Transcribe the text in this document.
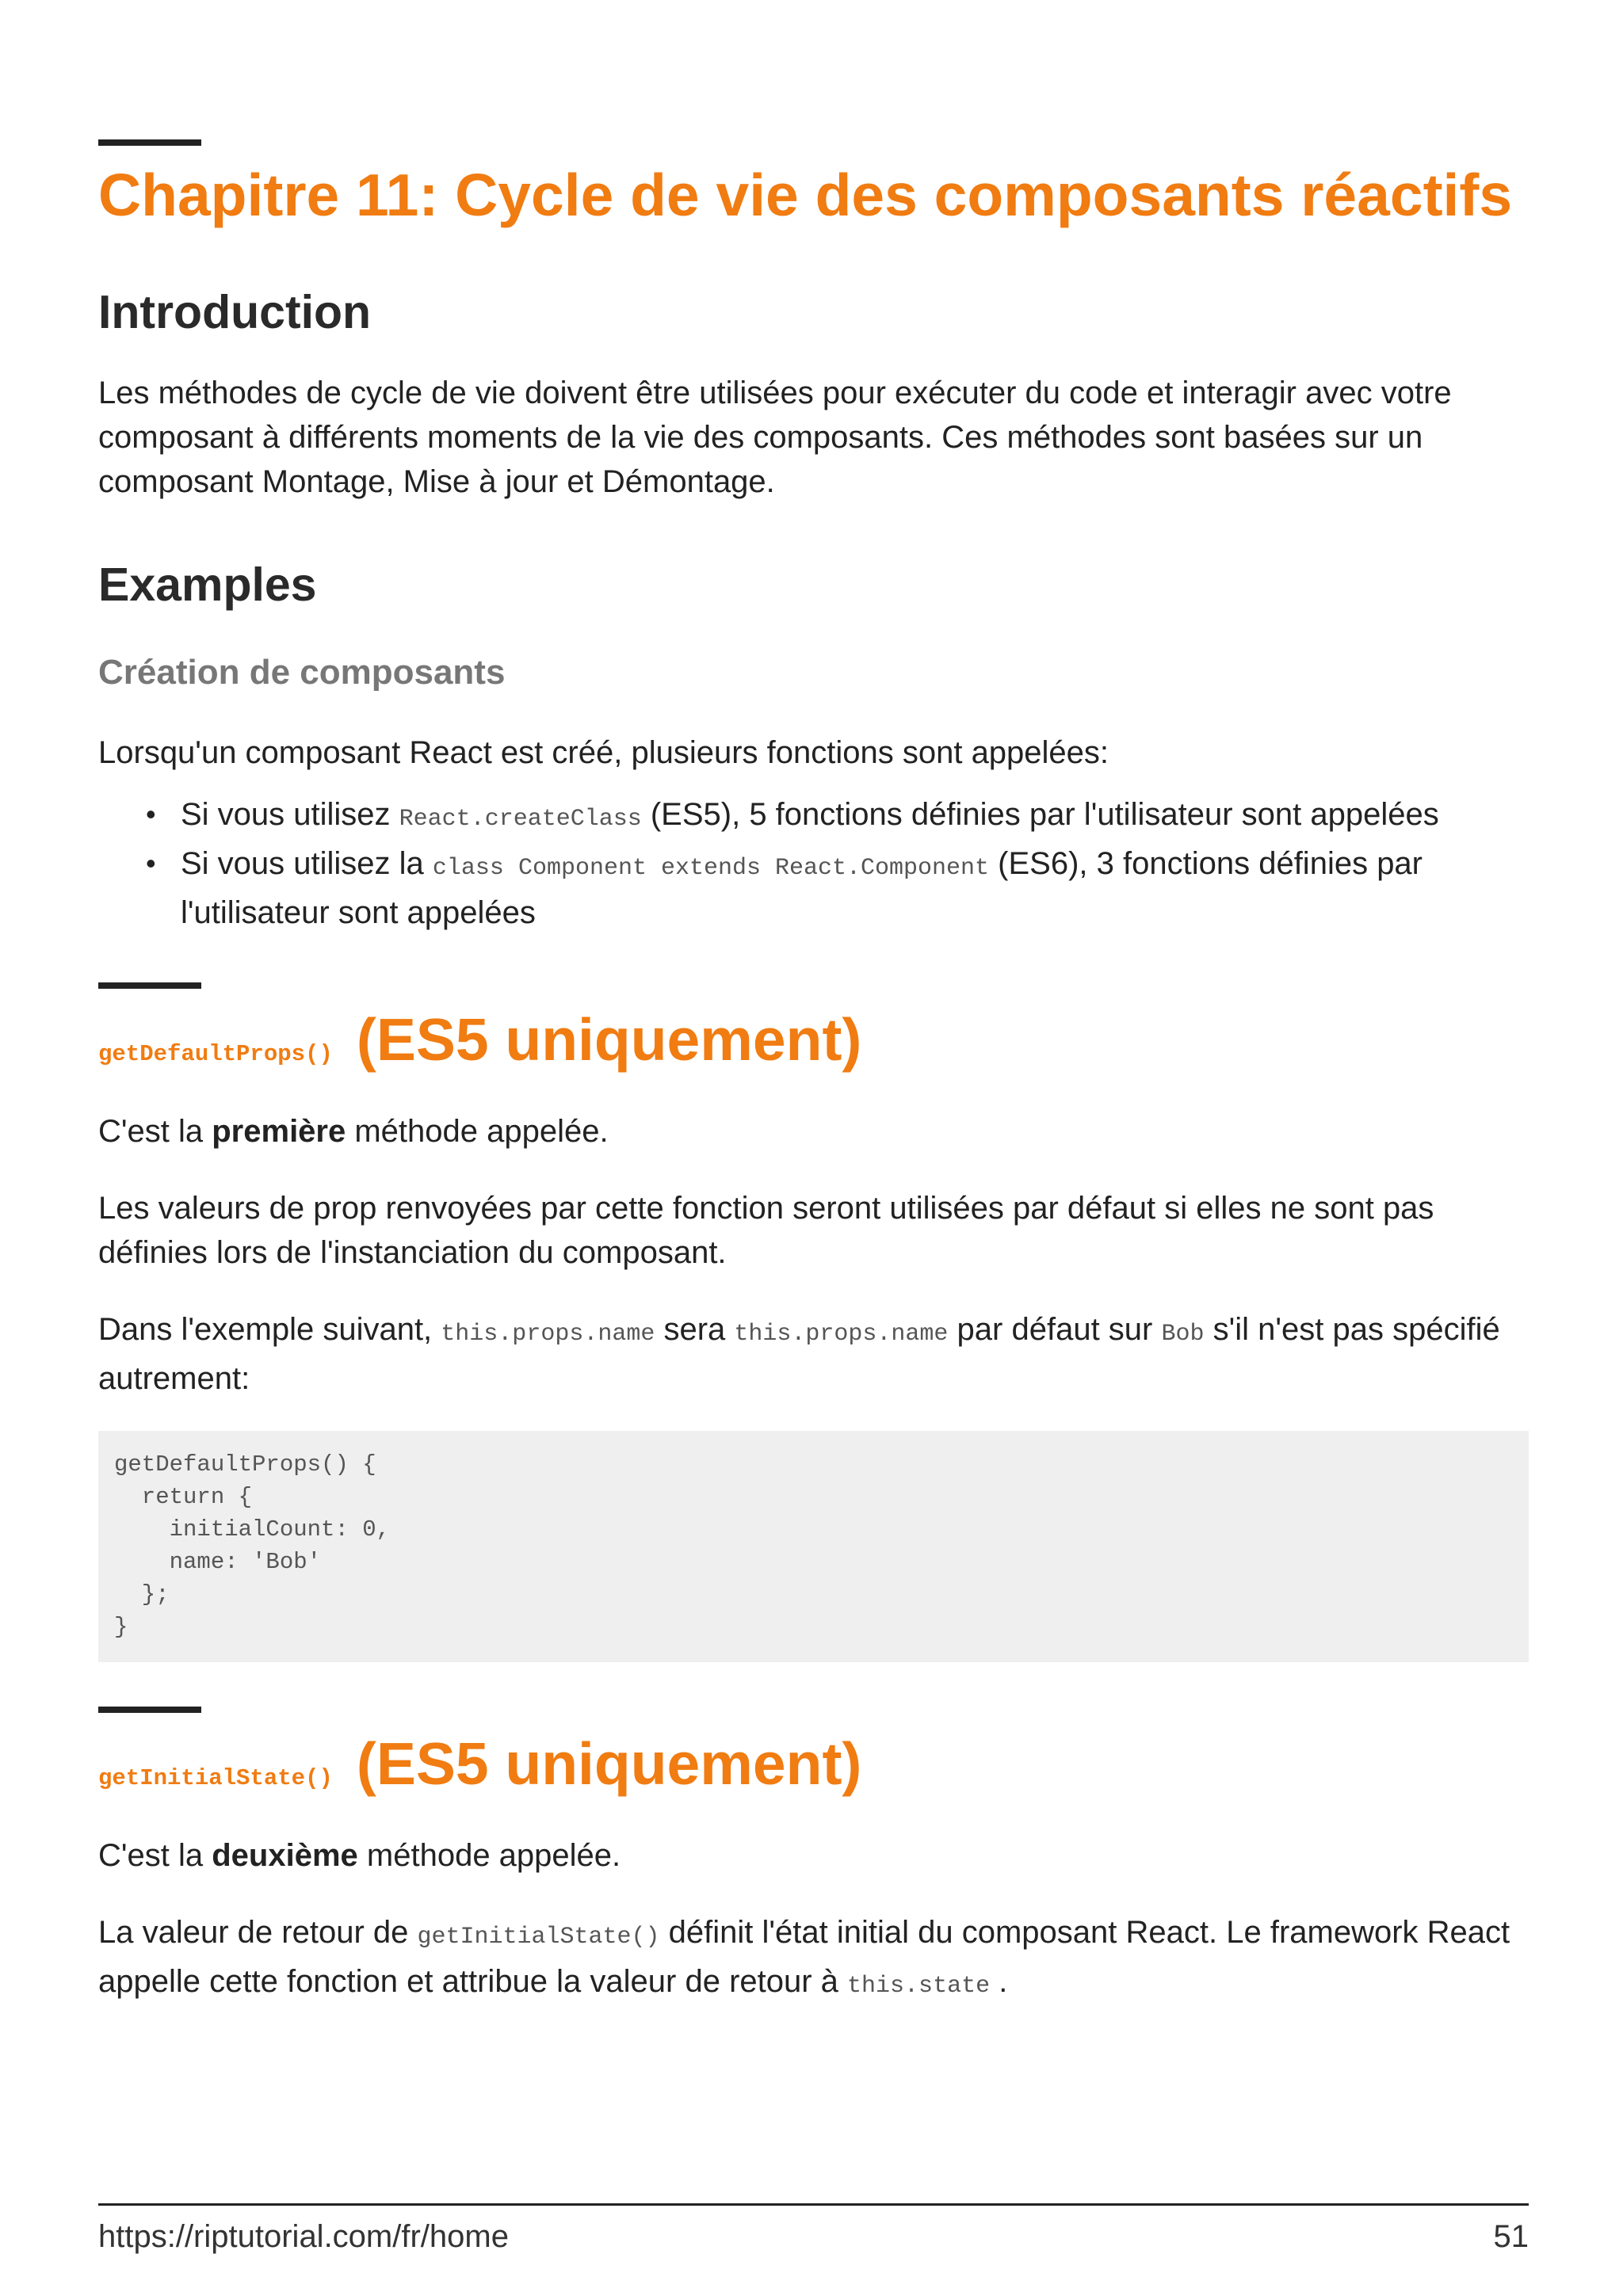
Chapitre 11: Cycle de vie des composants réactifs
Introduction

Les méthodes de cycle de vie doivent être utilisées pour exécuter du code et interagir avec votre composant à différents moments de la vie des composants. Ces méthodes sont basées sur un composant Montage, Mise à jour et Démontage.

Examples
Création de composants

Lorsqu'un composant React est créé, plusieurs fonctions sont appelées:

• Si vous utilisez React.createClass (ES5), 5 fonctions définies par l'utilisateur sont appelées
• Si vous utilisez la class Component extends React.Component (ES6), 3 fonctions définies par l'utilisateur sont appelées
getDefaultProps() (ES5 uniquement)

C'est la première méthode appelée.

Les valeurs de prop renvoyées par cette fonction seront utilisées par défaut si elles ne sont pas définies lors de l'instanciation du composant.

Dans l'exemple suivant, this.props.name sera this.props.name par défaut sur Bob s'il n'est pas spécifié autrement:

getDefaultProps() {
return {
initialCount: 0,
name: 'Bob'
};
}
getInitialState() (ES5 uniquement)

C'est la deuxième méthode appelée.

La valeur de retour de getInitialState() définit l'état initial du composant React. Le framework React appelle cette fonction et attribue la valeur de retour à this.state .

https://riptutorial.com/fr/home	51
